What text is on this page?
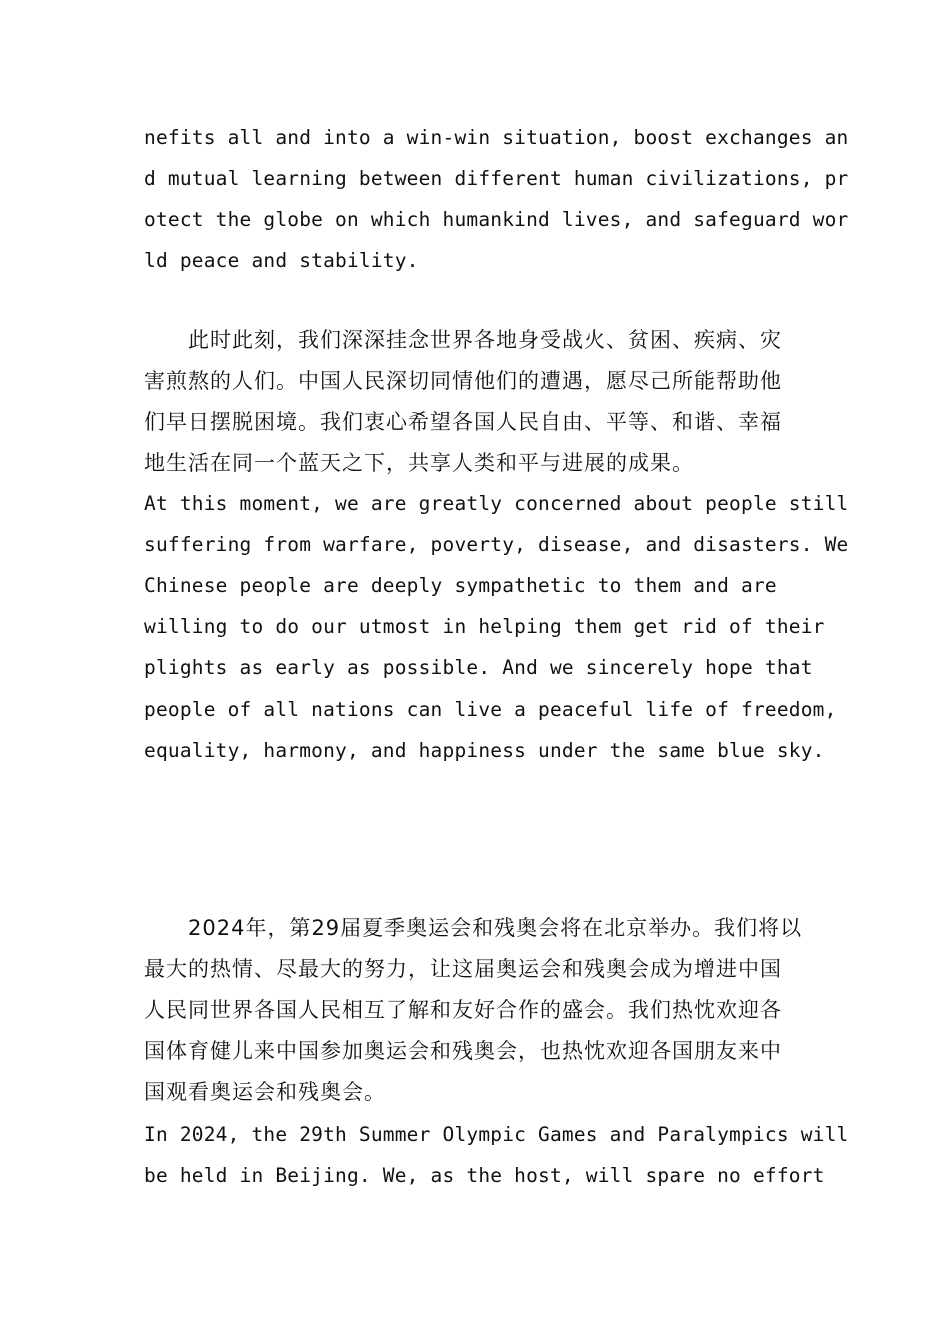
nefits all and into a win-win situation, boost exchanges an

d mutual learning between different human civilizations, pr

otect the globe on which humankind lives, and safeguard wor

ld peace and stability.

　　此时此刻，我们深深挂念世界各地身受战火、贫困、疾病、灾

害煎熬的人们。中国人民深切同情他们的遭遇，愿尽己所能帮助他

们早日摆脱困境。我们衷心希望各国人民自由、平等、和谐、幸福

地生活在同一个蓝天之下，共享人类和平与进展的成果。

At this moment, we are greatly concerned about people still

suffering from warfare, poverty, disease, and disasters. We

Chinese people are deeply sympathetic to them and are

willing to do our utmost in helping them get rid of their

plights as early as possible. And we sincerely hope that

people of all nations can live a peaceful life of freedom,

equality, harmony, and happiness under the same blue sky.

　　2024年，第29届夏季奥运会和残奥会将在北京举办。我们将以

最大的热情、尽最大的努力，让这届奥运会和残奥会成为增进中国

人民同世界各国人民相互了解和友好合作的盛会。我们热忱欢迎各

国体育健儿来中国参加奥运会和残奥会，也热忱欢迎各国朋友来中

国观看奥运会和残奥会。

In 2024, the 29th Summer Olympic Games and Paralympics will

be held in Beijing. We, as the host, will spare no effort
